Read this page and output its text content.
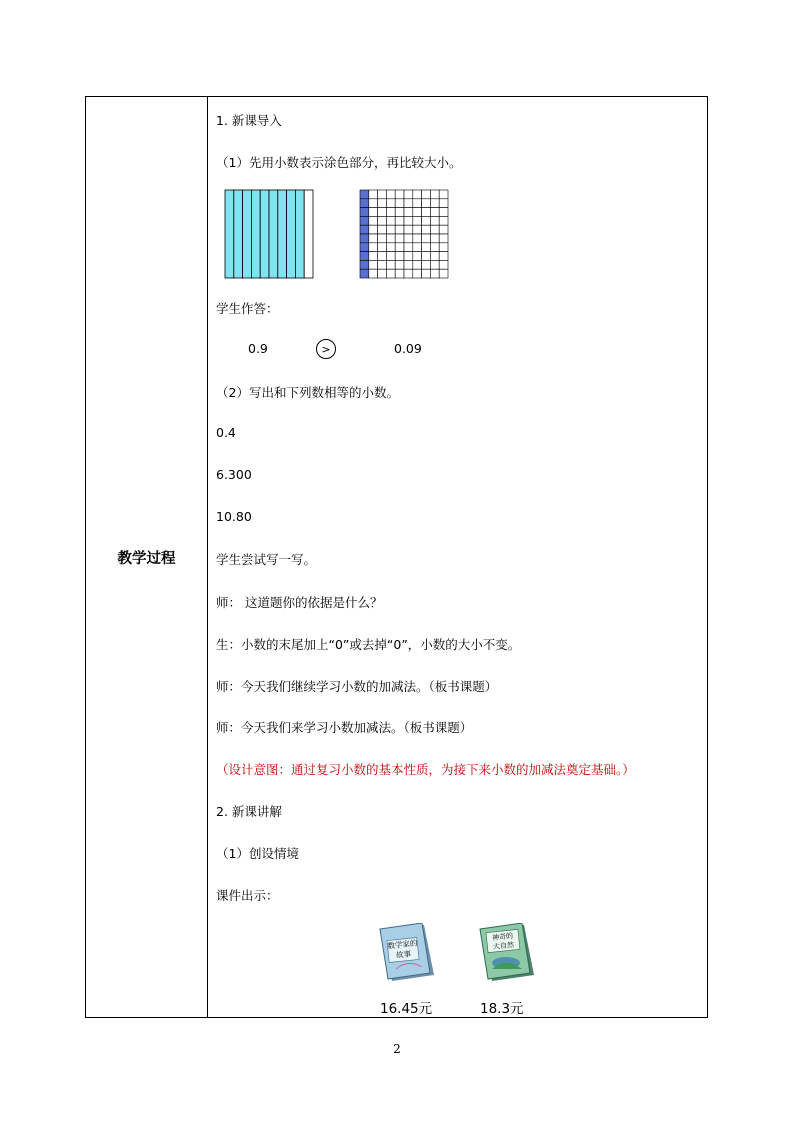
教学过程
1. 新课导入
（1）先用小数表示涂色部分，再比较大小。
学生作答：
0.9	>	0.09
（2）写出和下列数相等的小数。
0.4
6.300
10.80
学生尝试写一写。
师： 这道题你的依据是什么？
生：小数的末尾加上“0”或去掉“0”，小数的大小不变。
师：今天我们继续学习小数的加减法。（板书课题）
师：今天我们来学习小数加减法。（板书课题）
（设计意图：通过复习小数的基本性质，为接下来小数的加减法奠定基础。）
2. 新课讲解
（1）创设情境
课件出示：
数学家的
故事
16.45元
神奇的
大自然
18.3元
2
